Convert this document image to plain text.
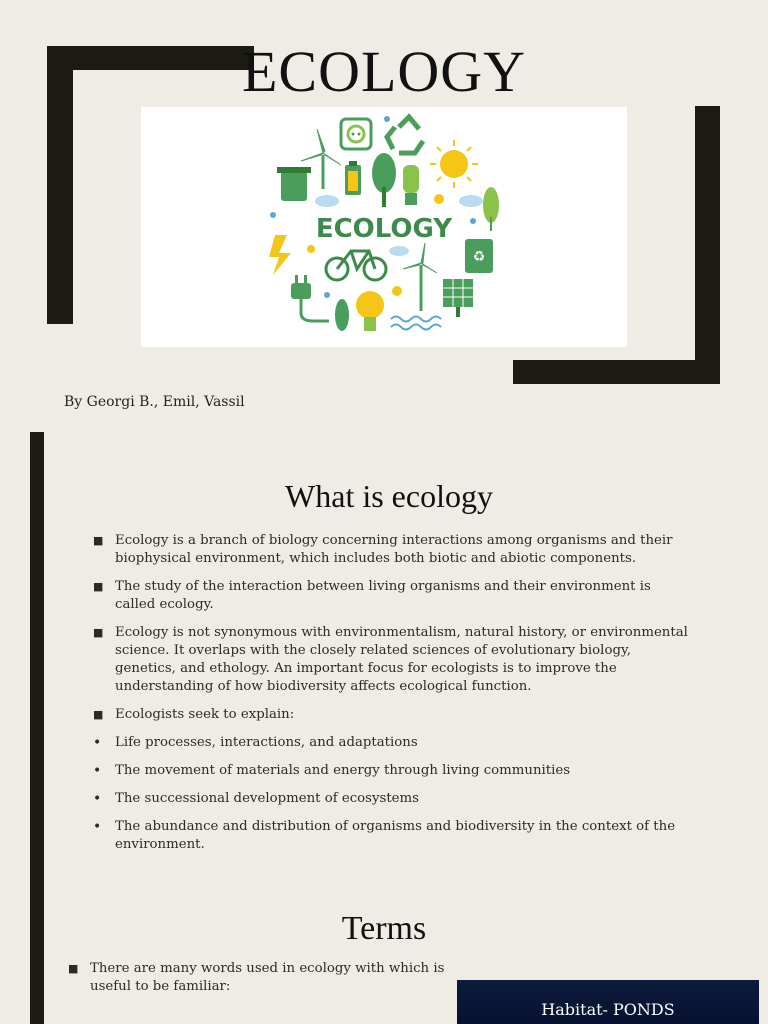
ECOLOGY
ECOLOGY
♻
By Georgi B., Emil, Vassil
What is ecology
■ Ecology is a branch of biology concerning interactions among organisms and their biophysical environment, which includes both biotic and abiotic components.
■ The study of the interaction between living organisms and their environment is called ecology.
■ Ecology is not synonymous with environmentalism, natural history, or environmental science. It overlaps with the closely related sciences of evolutionary biology, genetics, and ethology. An important focus for ecologists is to improve the understanding of how biodiversity affects ecological function.
■ Ecologists seek to explain:
• Life processes, interactions, and adaptations
• The movement of materials and energy through living communities
• The successional development of ecosystems
• The abundance and distribution of organisms and biodiversity in the context of the environment.
Terms
■ There are many words used in ecology with which is useful to be familiar:
Habitat- PONDS
